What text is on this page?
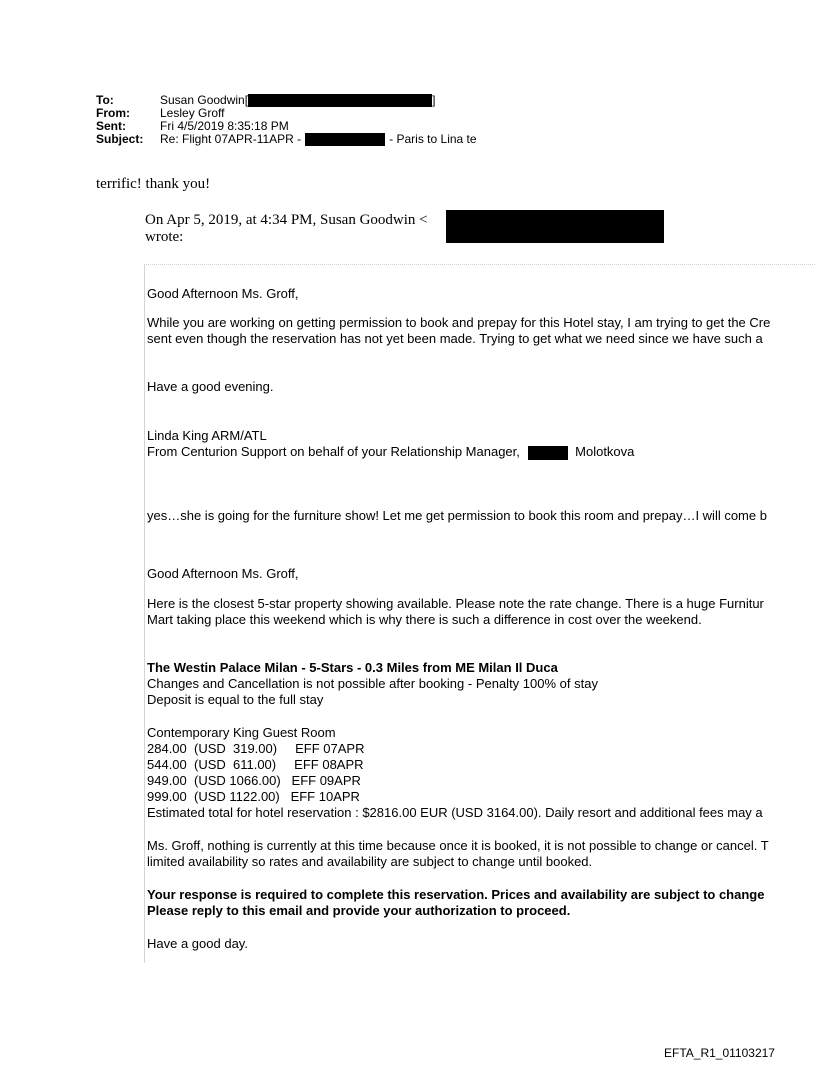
To:	Susan Goodwin[	]
From:	Lesley Groff
Sent:	Fri 4/5/2019 8:35:18 PM
Subject:	Re: Flight 07APR-11APR -	- Paris to Lina te
terrific! thank you!
On Apr 5, 2019, at 4:34 PM, Susan Goodwin <
wrote:
Good Afternoon Ms. Groff,
While you are working on getting permission to book and prepay for this Hotel stay, I am trying to get the Cre
sent even though the reservation has not yet been made. Trying to get what we need since we have such a
Have a good evening.
Linda King ARM/ATL
From Centurion Support on behalf of your Relationship Manager,	Molotkova
yes…she is going for the furniture show! Let me get permission to book this room and prepay…I will come b
Good Afternoon Ms. Groff,
Here is the closest 5-star property showing available. Please note the rate change. There is a huge Furnitur
Mart taking place this weekend which is why there is such a difference in cost over the weekend.
The Westin Palace Milan - 5-Stars - 0.3 Miles from ME Milan Il Duca
Changes and Cancellation is not possible after booking - Penalty 100% of stay
Deposit is equal to the full stay
Contemporary King Guest Room
284.00  (USD  319.00)     EFF 07APR
544.00  (USD  611.00)     EFF 08APR
949.00  (USD 1066.00)   EFF 09APR
999.00  (USD 1122.00)   EFF 10APR
Estimated total for hotel reservation : $2816.00 EUR (USD 3164.00). Daily resort and additional fees may a
Ms. Groff, nothing is currently at this time because once it is booked, it is not possible to change or cancel. T
limited availability so rates and availability are subject to change until booked.
Your response is required to complete this reservation. Prices and availability are subject to change
Please reply to this email and provide your authorization to proceed.
Have a good day.
EFTA_R1_01103217
